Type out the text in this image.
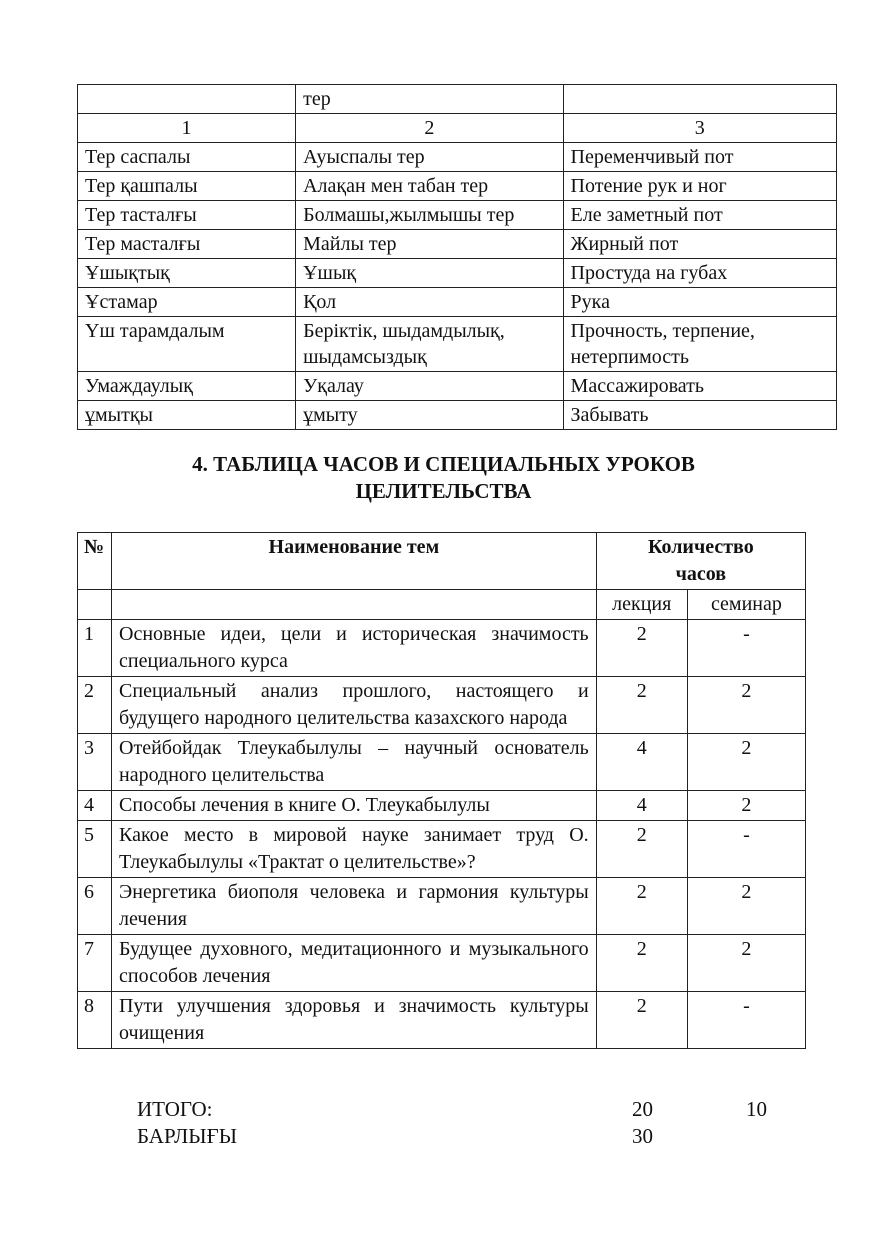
	тер	
1	2	3
Тер саспалы	Ауыспалы тер	Переменчивый пот
Тер қашпалы	Алақан мен табан тер	Потение рук и ног
Тер тасталғы	Болмашы,жылмышы тер	Еле заметный пот
Тер масталғы	Майлы тер	Жирный пот
Ұшықтық	Ұшық	Простуда на губах
Ұстамар	Қол	Рука
Үш тарамдалым	Беріктік, шыдамдылық, шыдамсыздық	Прочность, терпение, нетерпимость
Умаждаулық	Уқалау	Массажировать
ұмытқы	ұмыту	Забывать
4. ТАБЛИЦА ЧАСОВ И СПЕЦИАЛЬНЫХ УРОКОВ ЦЕЛИТЕЛЬСТВА
№	Наименование тем	Количество часов	

		лекция	семинар
1	Основные идеи, цели и историческая значимость специального курса	2	-
2	Специальный анализ прошлого, настоящего и будущего народного целительства казахского народа	2	2
3	Отейбойдак Тлеукабылулы – научный основатель народного целительства	4	2
4	Способы лечения в книге О. Тлеукабылулы	4	2
5	Какое место в мировой науке занимает труд О. Тлеукабылулы «Трактат о целительстве»?	2	-
6	Энергетика биополя человека и гармония культуры лечения	2	2
7	Будущее духовного, медитационного и музыкального способов лечения	2	2
8	Пути улучшения здоровья и значимость культуры очищения	2	-
ИТОГО:	20	10
БАРЛЫҒЫ	30
